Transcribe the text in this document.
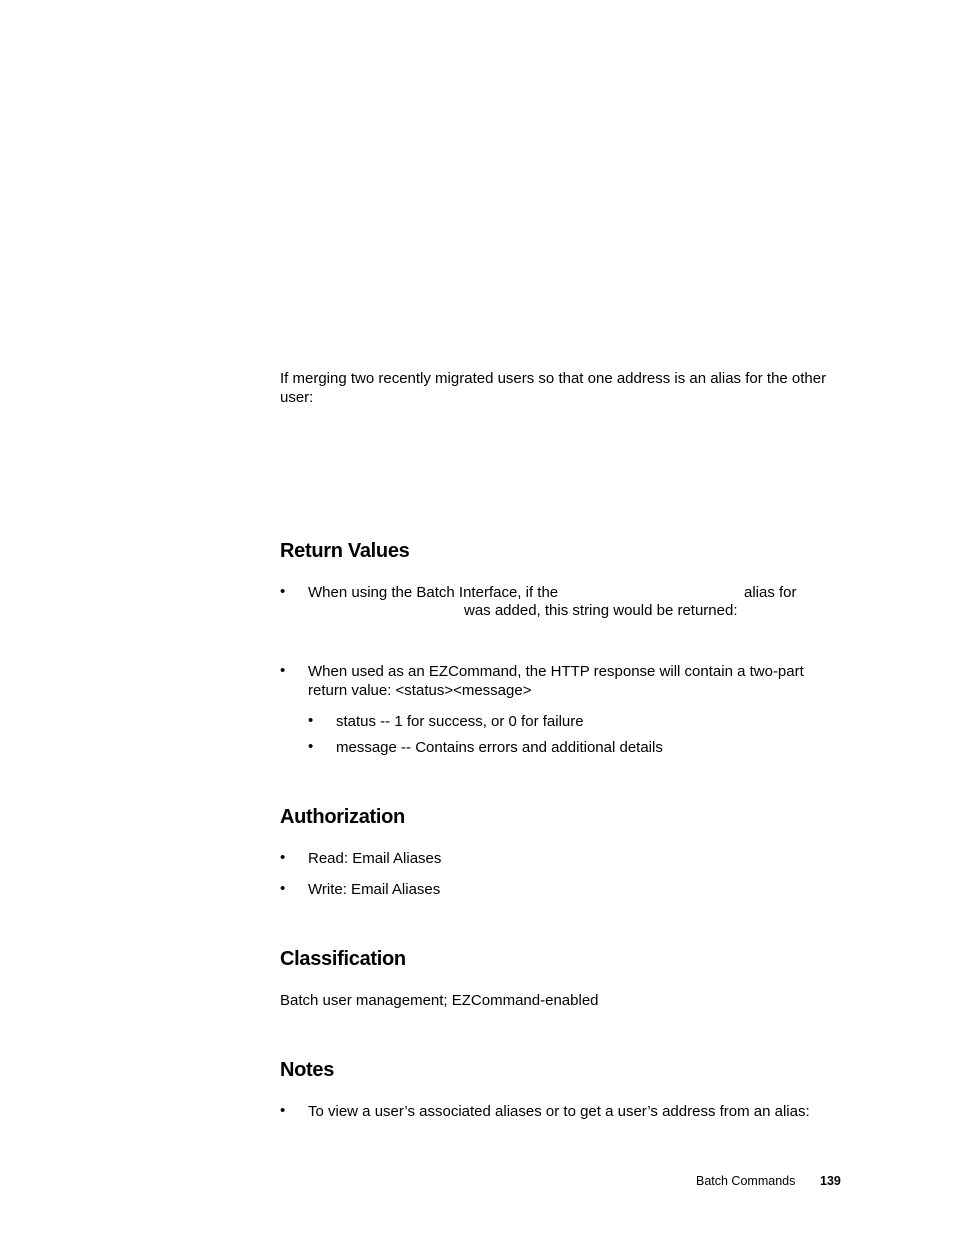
If merging two recently migrated users so that one address is an alias for the other
user:
Return Values
• When using the Batch Interface, if the	alias for
was added, this string would be returned:
• When used as an EZCommand, the HTTP response will contain a two-part
return value: <status><message>
• status -- 1 for success, or 0 for failure
• message -- Contains errors and additional details
Authorization
• Read: Email Aliases
• Write: Email Aliases
Classification
Batch user management; EZCommand-enabled
Notes
• To view a user’s associated aliases or to get a user’s address from an alias:
Batch Commands 139
